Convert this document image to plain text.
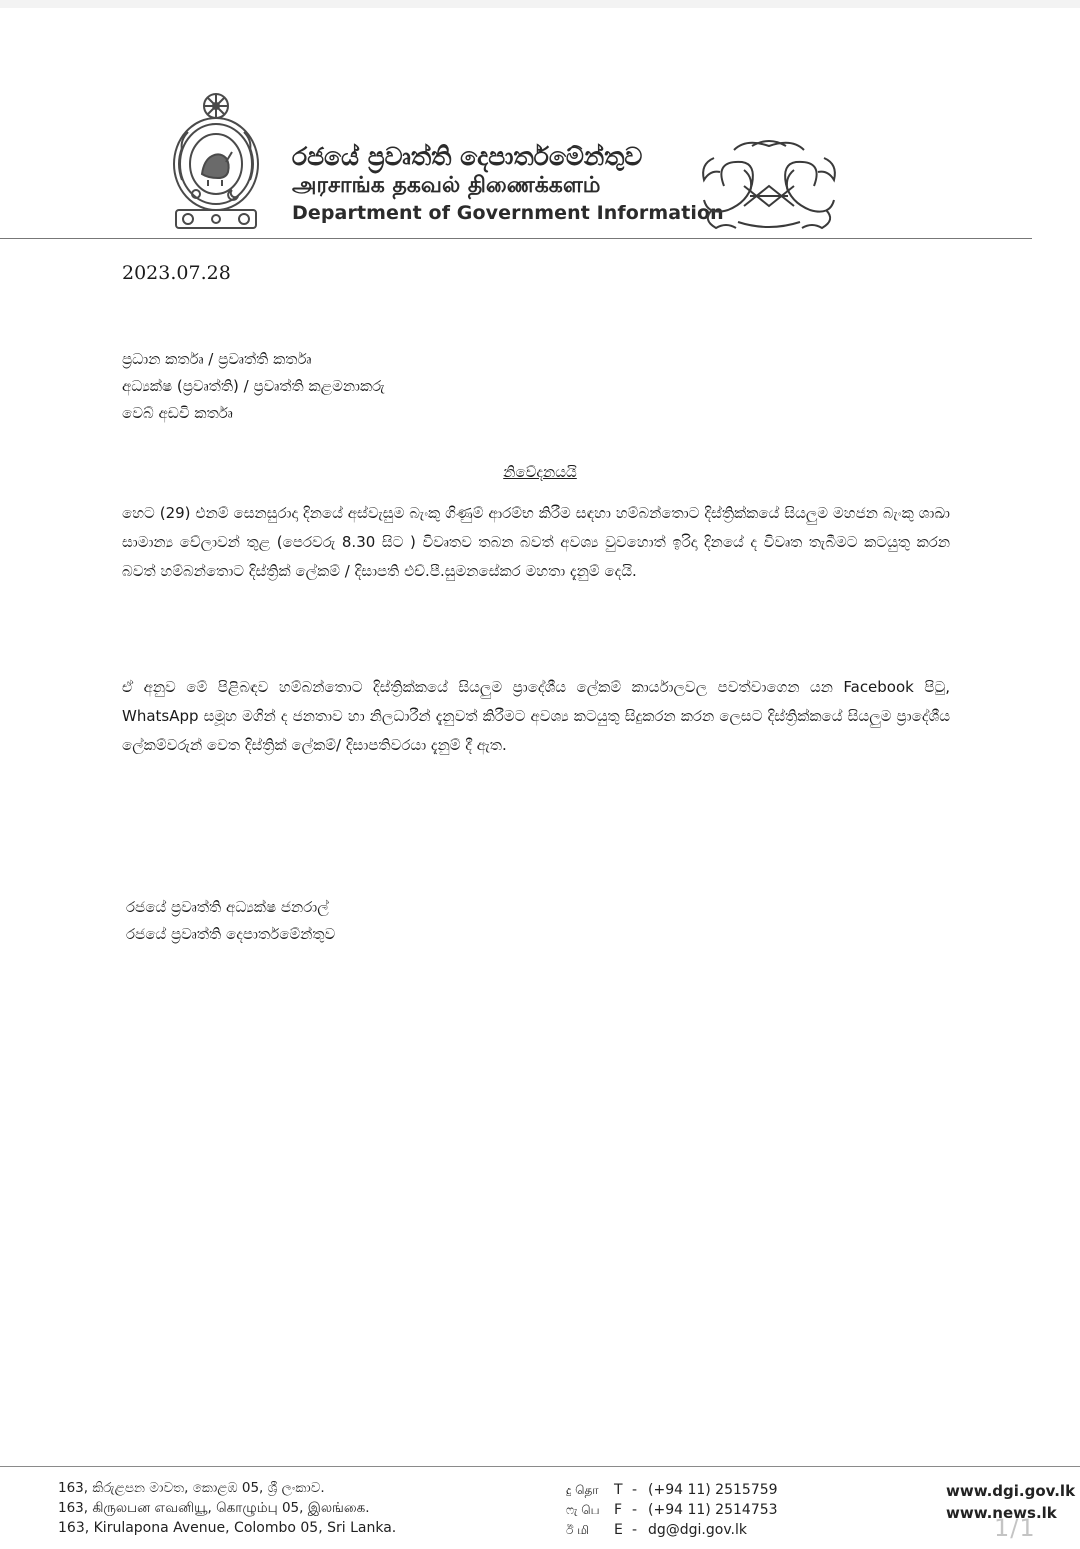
රජයේ ප්‍රවෘත්ති දෙපාර්තමේන්තුව
அரசாங்க தகவல் திணைக்களம்
Department of Government Information
2023.07.28
ප්‍රධාන කර්තෘ / ප්‍රවෘත්ති කර්තෘ
අධ්‍යක්ෂ (ප්‍රවෘත්ති) / ප්‍රවෘත්ති කළමනාකරු
වෙබ් අඩවි කර්තෘ
නිවේදනයයි
හෙට (29) එනම් සෙනසුරාදා දිනයේ අස්වැසුම බැංකු ගිණුම් ආරම්භ කිරීම සඳහා හම්බන්තොට දිස්ත්‍රික්කයේ සියලුම මහජන බැංකු ශාඛා සාමාන්‍ය වේලාවන් තුළ (පෙරවරු 8.30 සිට ) විවෘතව තබන බවත් අවශ්‍ය වුවහොත් ඉරිදා දිනයේ ද විවෘත තැබීමට කටයුතු කරන බවත් හම්බන්තොට දිස්ත්‍රික් ලේකම් / දිසාපති එච්.පී.සුමනසේකර මහතා දැනුම් දෙයි.
ඒ අනුව මේ පිළිබඳව හම්බන්තොට දිස්ත්‍රික්කයේ සියලුම ප්‍රාදේශීය ලේකම් කාර්යාලවල පවත්වාගෙන යන Facebook පිටු, WhatsApp සමූහ මගින් ද ජනතාව හා නිලධාරීන් දැනුවත් කිරීමට අවශ්‍ය කටයුතු සිදුකරන කරන ලෙසට දිස්ත්‍රික්කයේ සියලුම ප්‍රාදේශීය ලේකම්වරුන් වෙත දිස්ත්‍රික් ලේකම්/ දිසාපතිවරයා දැනුම් දී ඇත.
රජයේ ප්‍රවෘත්ති අධ්‍යක්ෂ ජනරාල්
රජයේ ප්‍රවෘත්ති දෙපාර්තමේන්තුව
163, කිරුළපන මාවත, කොළඹ 05, ශ්‍රී ලංකාව.
163, கிருலபன எவனியூ, கொழும்பு 05, இலங்கை.
163, Kirulapona Avenue, Colombo 05, Sri Lanka.
දු தொ	T - (+94 11) 2515759
ෆැ பெ	F - (+94 11) 2514753
ඊ மி	E - dg@dgi.gov.lk
www.dgi.gov.lk
www.news.lk
1/1
